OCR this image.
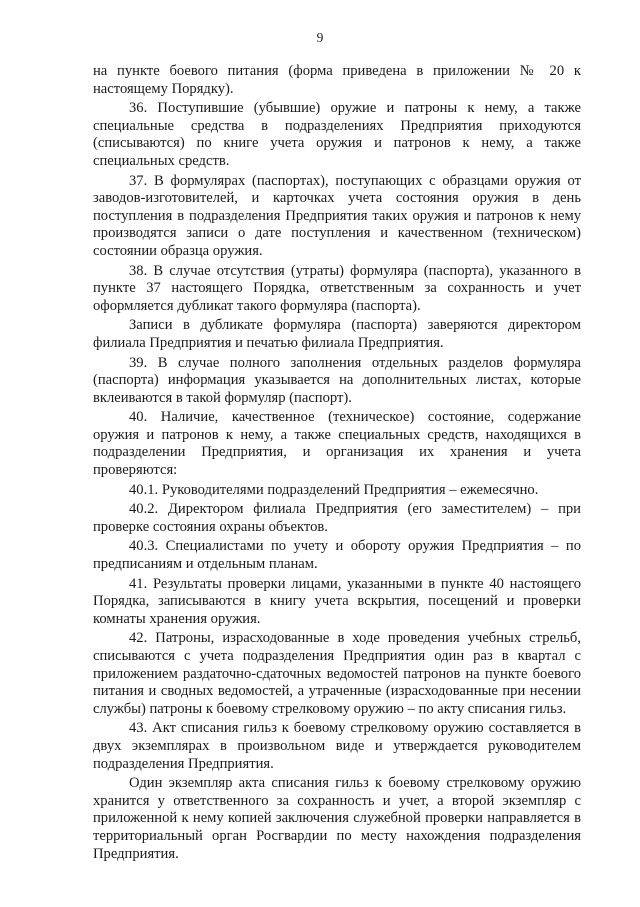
9

на пункте боевого питания (форма приведена в приложении № 20 к настоящему Порядку).

36. Поступившие (убывшие) оружие и патроны к нему, а также специальные средства в подразделениях Предприятия приходуются (списываются) по книге учета оружия и патронов к нему, а также специальных средств.

37. В формулярах (паспортах), поступающих с образцами оружия от заводов-изготовителей, и карточках учета состояния оружия в день поступления в подразделения Предприятия таких оружия и патронов к нему производятся записи о дате поступления и качественном (техническом) состоянии образца оружия.

38. В случае отсутствия (утраты) формуляра (паспорта), указанного в пункте 37 настоящего Порядка, ответственным за сохранность и учет оформляется дубликат такого формуляра (паспорта).

Записи в дубликате формуляра (паспорта) заверяются директором филиала Предприятия и печатью филиала Предприятия.

39. В случае полного заполнения отдельных разделов формуляра (паспорта) информация указывается на дополнительных листах, которые вклеиваются в такой формуляр (паспорт).

40. Наличие, качественное (техническое) состояние, содержание оружия и патронов к нему, а также специальных средств, находящихся в подразделении Предприятия, и организация их хранения и учета проверяются:

40.1. Руководителями подразделений Предприятия – ежемесячно.

40.2. Директором филиала Предприятия (его заместителем) – при проверке состояния охраны объектов.

40.3. Специалистами по учету и обороту оружия Предприятия – по предписаниям и отдельным планам.

41. Результаты проверки лицами, указанными в пункте 40 настоящего Порядка, записываются в книгу учета вскрытия, посещений и проверки комнаты хранения оружия.

42. Патроны, израсходованные в ходе проведения учебных стрельб, списываются с учета подразделения Предприятия один раз в квартал с приложением раздаточно-сдаточных ведомостей патронов на пункте боевого питания и сводных ведомостей, а утраченные (израсходованные при несении службы) патроны к боевому стрелковому оружию – по акту списания гильз.

43. Акт списания гильз к боевому стрелковому оружию составляется в двух экземплярах в произвольном виде и утверждается руководителем подразделения Предприятия.

Один экземпляр акта списания гильз к боевому стрелковому оружию хранится у ответственного за сохранность и учет, а второй экземпляр с приложенной к нему копией заключения служебной проверки направляется в территориальный орган Росгвардии по месту нахождения подразделения Предприятия.
